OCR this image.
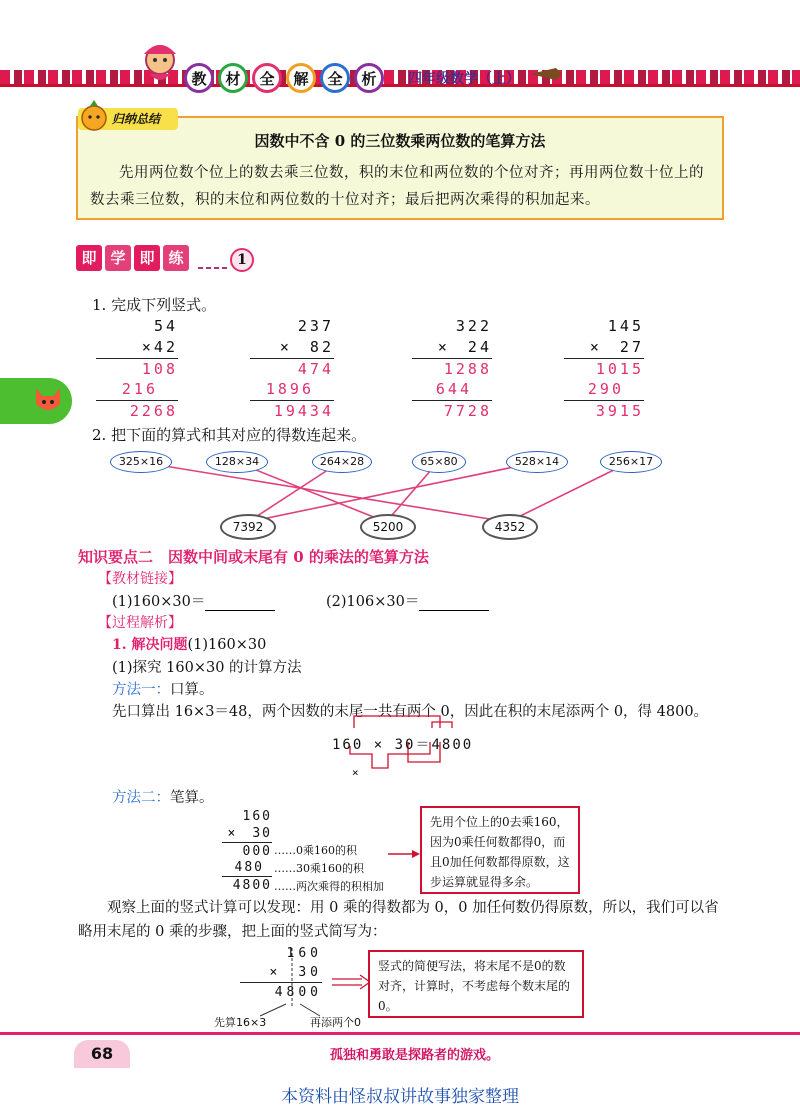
教	材	全	解	全	析	四年级数学（上）
因数中不含 0 的三位数乘两位数的笔算方法
先用两位数个位上的数去乘三位数，积的末位和两位数的个位对齐；再用两位数十位上的数去乘三位数，积的末位和两位数的十位对齐；最后把两次乘得的积加起来。
归纳总结
即 学 即 练	1
1. 完成下列竖式。
54
×42
108
216
2268
237
×　82
474
1896
19434
322
×　24
1288
644
7728
145
×　27
1015
290
3915
2. 把下面的算式和其对应的得数连起来。
325×16	128×34	264×28	65×80	528×14	256×17
7392	5200	4352
知识要点二　因数中间或末尾有 0 的乘法的笔算方法
【教材链接】
(1)160×30＝	(2)106×30＝
【过程解析】
1. 解决问题(1)160×30
(1)探究 160×30 的计算方法
方法一：口算。
先口算出 16×3＝48，两个因数的末尾一共有两个 0，因此在积的末尾添两个 0，得 4800。
160 × 30＝4800
×
方法二：笔算。
160
×　30
000
480
4800
……0乘160的积
……30乘160的积
……两次乘得的积相加
先用个位上的0去乘160，因为0乘任何数都得0，而且0加任何数都得原数，这步运算就显得多余。
观察上面的竖式计算可以发现：用 0 乘的得数都为 0，0 加任何数仍得原数，所以，我们可以省略用末尾的 0 乘的步骤，把上面的竖式简写为：
160
×　30
4800
先算16×3	再添两个0
竖式的简便写法，将末尾不是0的数对齐，计算时，不考虑每个数末尾的0。
68	孤独和勇敢是探路者的游戏。
本资料由怪叔叔讲故事独家整理
